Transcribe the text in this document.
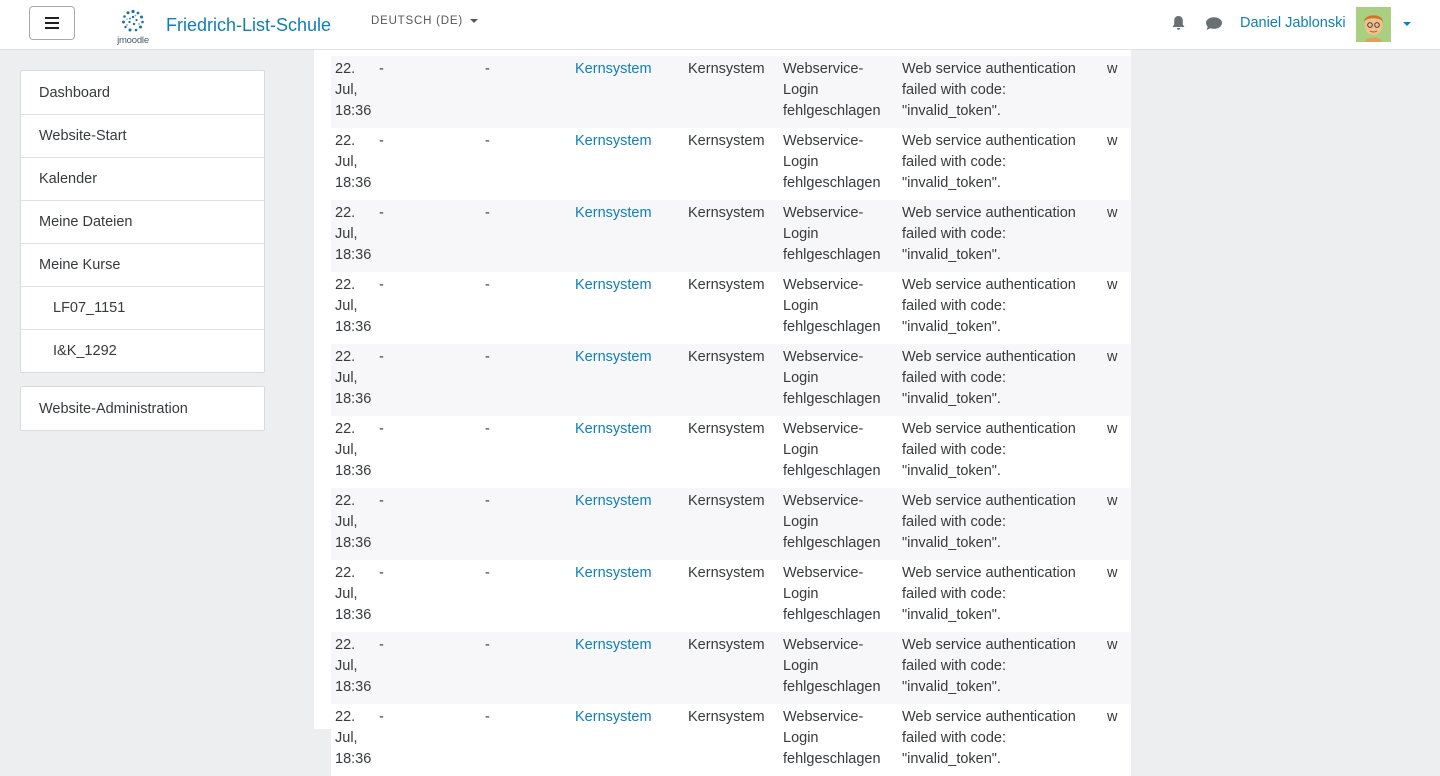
jmoodle
Friedrich-List-Schule	DEUTSCH (DE)	Daniel Jablonski
Dashboard
Website-Start
Kalender
Meine Dateien
Meine Kurse
LF07_1151
I&K_1292
Website-Administration
22.
Jul,
18:36	-	-	Kernsystem	Kernsystem	Webservice-
Login
fehlgeschlagen	Web service authentication
failed with code:
"invalid_token".	w
22.
Jul,
18:36	-	-	Kernsystem	Kernsystem	Webservice-
Login
fehlgeschlagen	Web service authentication
failed with code:
"invalid_token".	w
22.
Jul,
18:36	-	-	Kernsystem	Kernsystem	Webservice-
Login
fehlgeschlagen	Web service authentication
failed with code:
"invalid_token".	w
22.
Jul,
18:36	-	-	Kernsystem	Kernsystem	Webservice-
Login
fehlgeschlagen	Web service authentication
failed with code:
"invalid_token".	w
22.
Jul,
18:36	-	-	Kernsystem	Kernsystem	Webservice-
Login
fehlgeschlagen	Web service authentication
failed with code:
"invalid_token".	w
22.
Jul,
18:36	-	-	Kernsystem	Kernsystem	Webservice-
Login
fehlgeschlagen	Web service authentication
failed with code:
"invalid_token".	w
22.
Jul,
18:36	-	-	Kernsystem	Kernsystem	Webservice-
Login
fehlgeschlagen	Web service authentication
failed with code:
"invalid_token".	w
22.
Jul,
18:36	-	-	Kernsystem	Kernsystem	Webservice-
Login
fehlgeschlagen	Web service authentication
failed with code:
"invalid_token".	w
22.
Jul,
18:36	-	-	Kernsystem	Kernsystem	Webservice-
Login
fehlgeschlagen	Web service authentication
failed with code:
"invalid_token".	w
22.
Jul,
18:36	-	-	Kernsystem	Kernsystem	Webservice-
Login
fehlgeschlagen	Web service authentication
failed with code:
"invalid_token".	w
